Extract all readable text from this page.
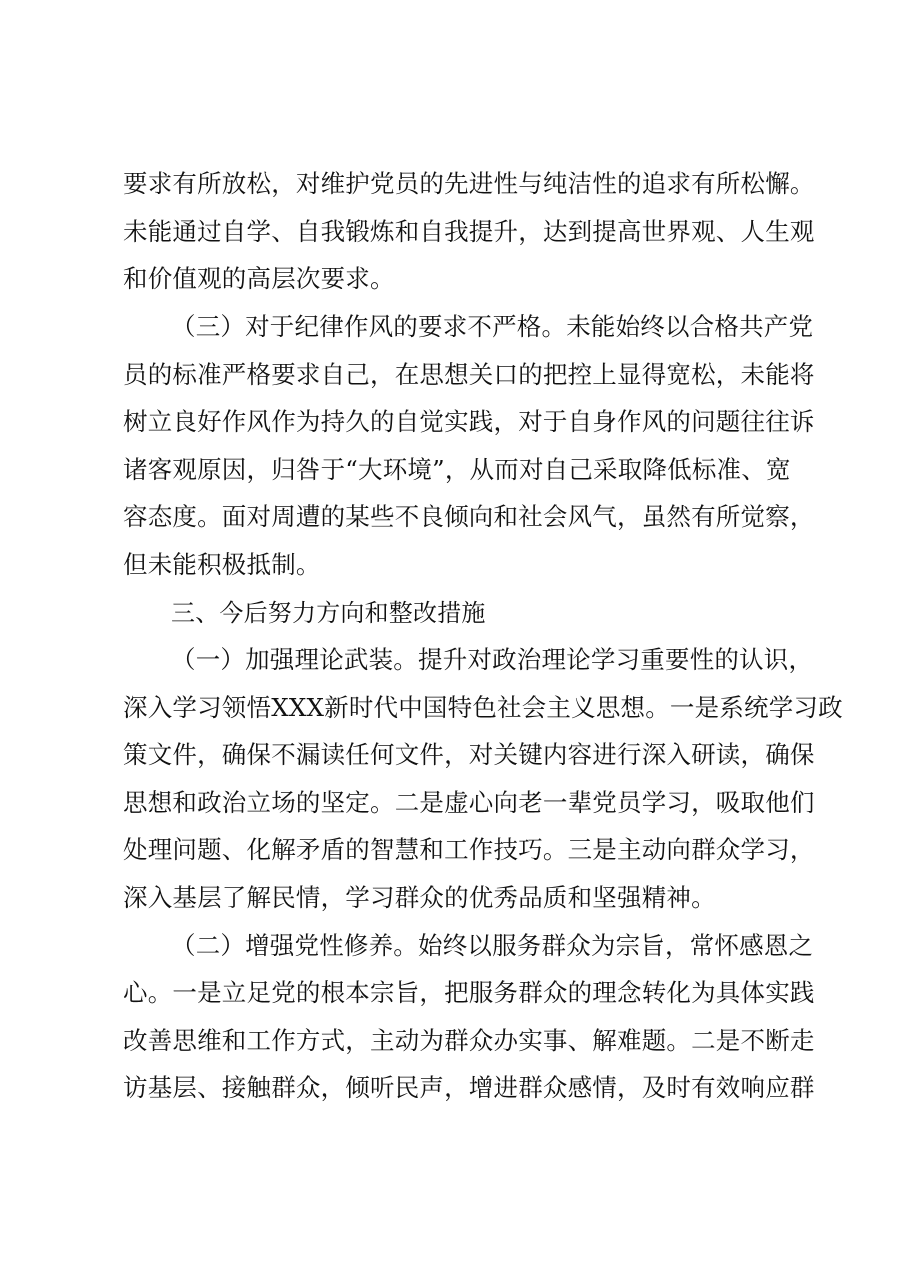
要求有所放松，对维护党员的先进性与纯洁性的追求有所松懈。
未能通过自学、自我锻炼和自我提升，达到提高世界观、人生观
和价值观的高层次要求。
（三）对于纪律作风的要求不严格。未能始终以合格共产党
员的标准严格要求自己，在思想关口的把控上显得宽松，未能将
树立良好作风作为持久的自觉实践，对于自身作风的问题往往诉
诸客观原因，归咎于“大环境”，从而对自己采取降低标准、宽
容态度。面对周遭的某些不良倾向和社会风气，虽然有所觉察，
但未能积极抵制。
三、今后努力方向和整改措施
（一）加强理论武装。提升对政治理论学习重要性的认识，
深入学习领悟XXX新时代中国特色社会主义思想。一是系统学习政
策文件，确保不漏读任何文件，对关键内容进行深入研读，确保
思想和政治立场的坚定。二是虚心向老一辈党员学习，吸取他们
处理问题、化解矛盾的智慧和工作技巧。三是主动向群众学习，
深入基层了解民情，学习群众的优秀品质和坚强精神。
（二）增强党性修养。始终以服务群众为宗旨，常怀感恩之
心。一是立足党的根本宗旨，把服务群众的理念转化为具体实践
改善思维和工作方式，主动为群众办实事、解难题。二是不断走
访基层、接触群众，倾听民声，增进群众感情，及时有效响应群
